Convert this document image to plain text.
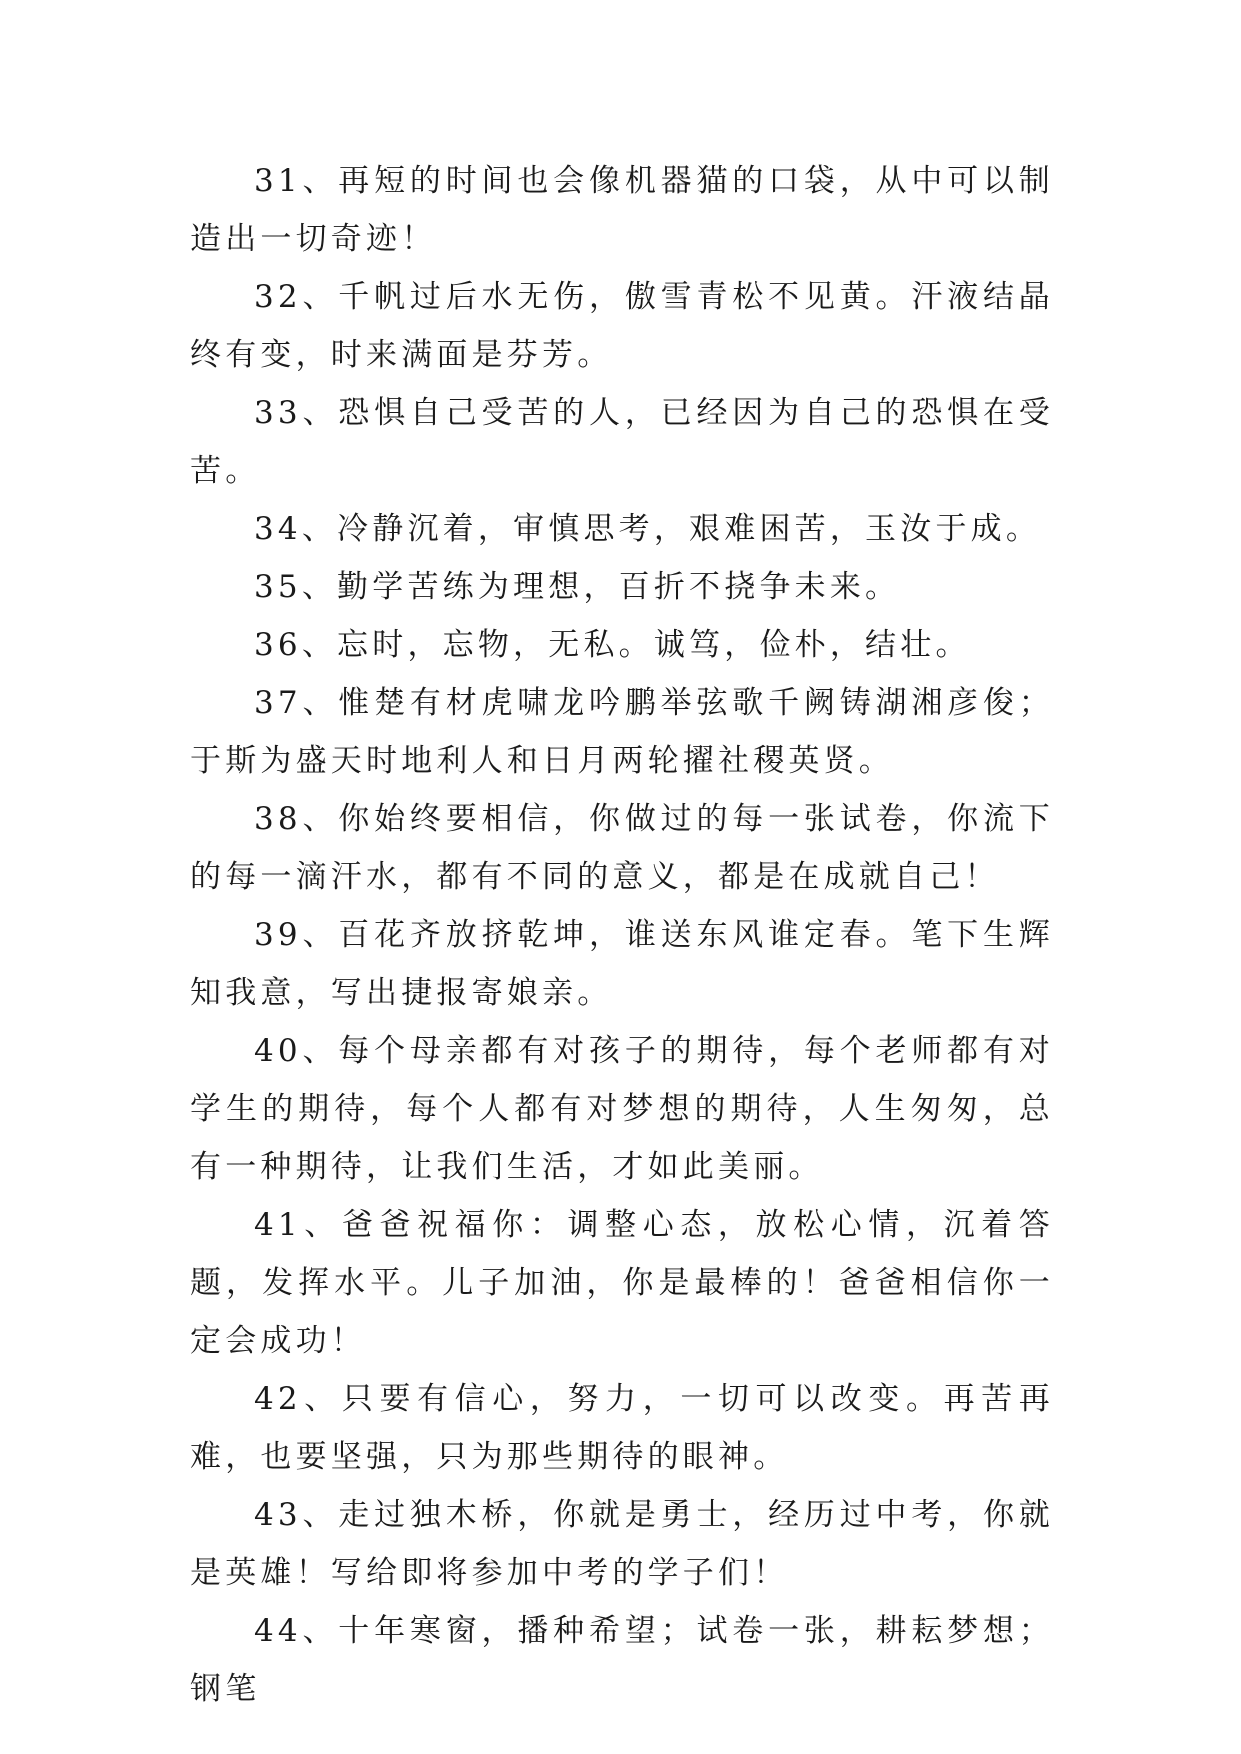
31、再短的时间也会像机器猫的口袋，从中可以制造出一切奇迹！

32、千帆过后水无伤，傲雪青松不见黄。汗液结晶终有变，时来满面是芬芳。

33、恐惧自己受苦的人，已经因为自己的恐惧在受苦。

34、冷静沉着，审慎思考，艰难困苦，玉汝于成。

35、勤学苦练为理想，百折不挠争未来。

36、忘时，忘物，无私。诚笃，俭朴，结壮。

37、惟楚有材虎啸龙吟鹏举弦歌千阙铸湖湘彦俊；于斯为盛天时地利人和日月两轮擢社稷英贤。

38、你始终要相信，你做过的每一张试卷，你流下的每一滴汗水，都有不同的意义，都是在成就自己！

39、百花齐放挤乾坤，谁送东风谁定春。笔下生辉知我意，写出捷报寄娘亲。

40、每个母亲都有对孩子的期待，每个老师都有对学生的期待，每个人都有对梦想的期待，人生匆匆，总有一种期待，让我们生活，才如此美丽。

41、爸爸祝福你：调整心态，放松心情，沉着答题，发挥水平。儿子加油，你是最棒的！爸爸相信你一定会成功！

42、只要有信心，努力，一切可以改变。再苦再难，也要坚强，只为那些期待的眼神。

43、走过独木桥，你就是勇士，经历过中考，你就是英雄！写给即将参加中考的学子们！

44、十年寒窗，播种希望；试卷一张，耕耘梦想；钢笔
